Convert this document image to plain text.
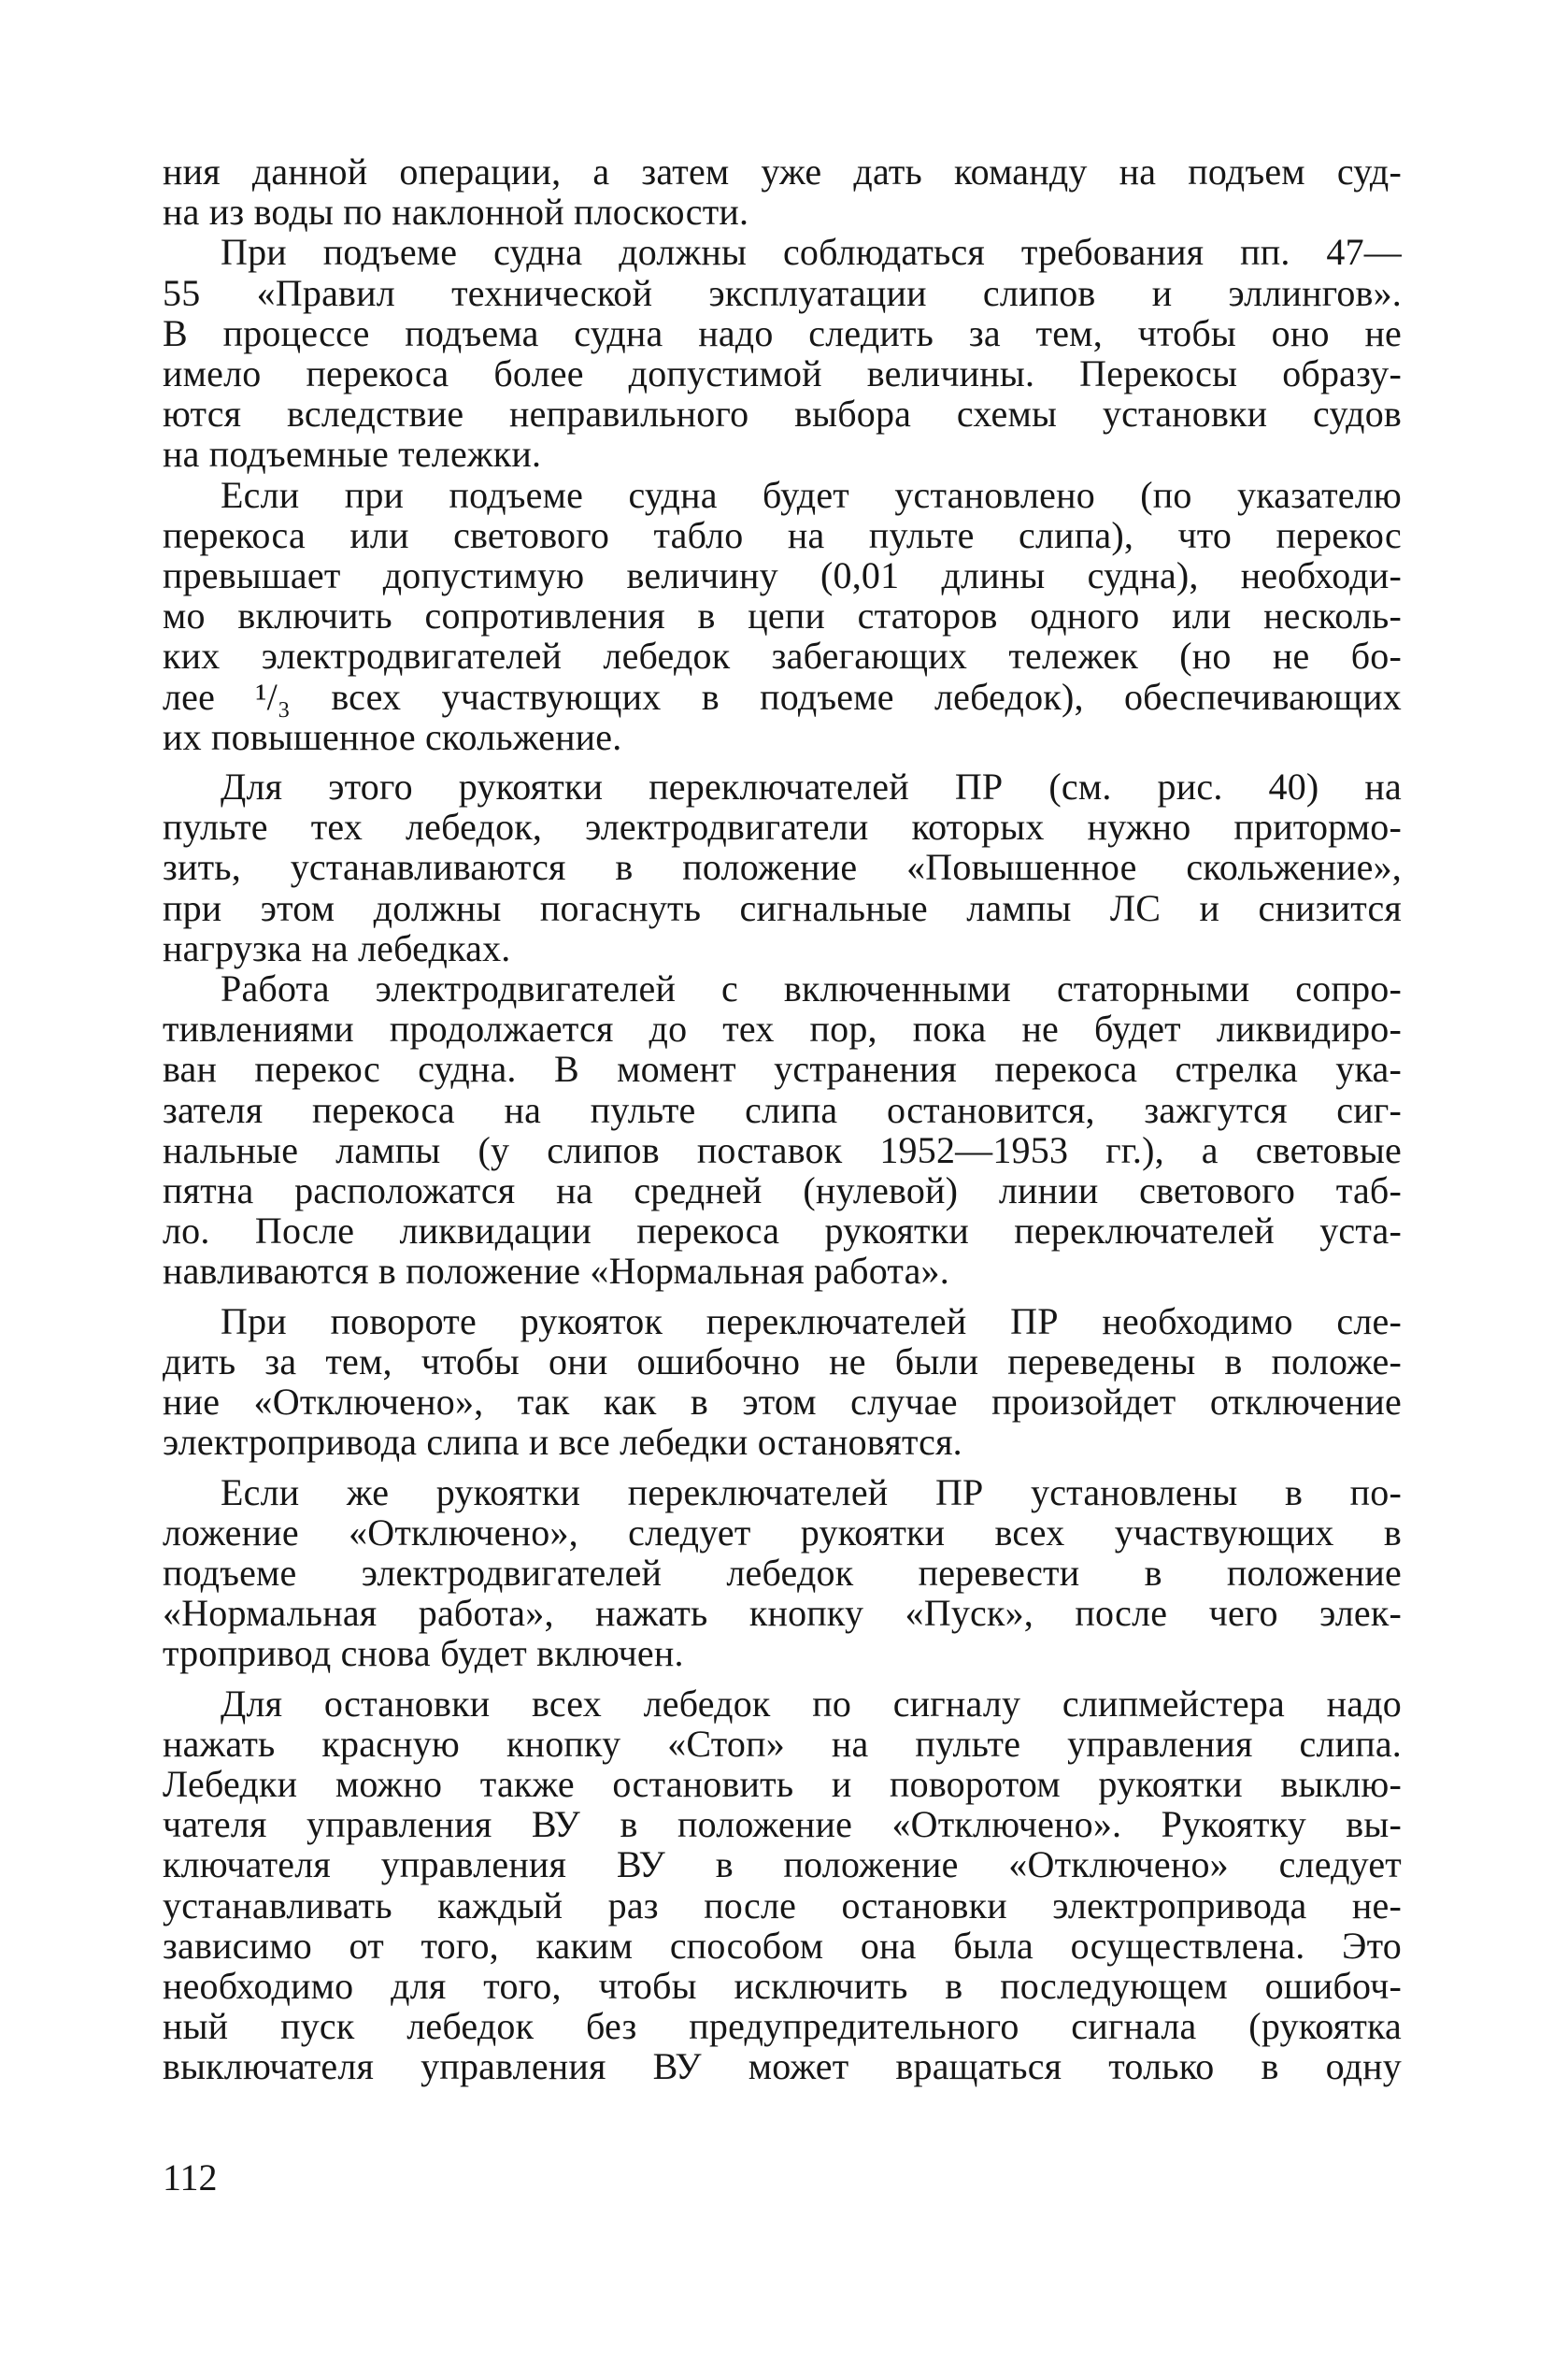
ния данной операции, а затем уже дать команду на подъем суд-
на из воды по наклонной плоскости.
При подъеме судна должны соблюдаться требования пп. 47—
55 «Правил технической эксплуатации слипов и эллингов».
В процессе подъема судна надо следить за тем, чтобы оно не
имело перекоса более допустимой величины. Перекосы образу-
ются вследствие неправильного выбора схемы установки судов
на подъемные тележки.
Если при подъеме судна будет установлено (по указателю
перекоса или светового табло на пульте слипа), что перекос
превышает допустимую величину (0,01 длины судна), необходи-
мо включить сопротивления в цепи статоров одного или несколь-
ких электродвигателей лебедок забегающих тележек (но не бо-
лее ¹/₃ всех участвующих в подъеме лебедок), обеспечивающих
их повышенное скольжение.
Для этого рукоятки переключателей ПР (см. рис. 40) на
пульте тех лебедок, электродвигатели которых нужно притормо-
зить, устанавливаются в положение «Повышенное скольжение»,
при этом должны погаснуть сигнальные лампы ЛС и снизится
нагрузка на лебедках.
Работа электродвигателей с включенными статорными сопро-
тивлениями продолжается до тех пор, пока не будет ликвидиро-
ван перекос судна. В момент устранения перекоса стрелка ука-
зателя перекоса на пульте слипа остановится, зажгутся сиг-
нальные лампы (у слипов поставок 1952—1953 гг.), а световые
пятна расположатся на средней (нулевой) линии светового таб-
ло. После ликвидации перекоса рукоятки переключателей уста-
навливаются в положение «Нормальная работа».
При повороте рукояток переключателей ПР необходимо сле-
дить за тем, чтобы они ошибочно не были переведены в положе-
ние «Отключено», так как в этом случае произойдет отключение
электропривода слипа и все лебедки остановятся.
Если же рукоятки переключателей ПР установлены в по-
ложение «Отключено», следует рукоятки всех участвующих в
подъеме электродвигателей лебедок перевести в положение
«Нормальная работа», нажать кнопку «Пуск», после чего элек-
тропривод снова будет включен.
Для остановки всех лебедок по сигналу слипмейстера надо
нажать красную кнопку «Стоп» на пульте управления слипа.
Лебедки можно также остановить и поворотом рукоятки выклю-
чателя управления ВУ в положение «Отключено». Рукоятку вы-
ключателя управления ВУ в положение «Отключено» следует
устанавливать каждый раз после остановки электропривода не-
зависимо от того, каким способом она была осуществлена. Это
необходимо для того, чтобы исключить в последующем ошибоч-
ный пуск лебедок без предупредительного сигнала (рукоятка
выключателя управления ВУ может вращаться только в одну
112
